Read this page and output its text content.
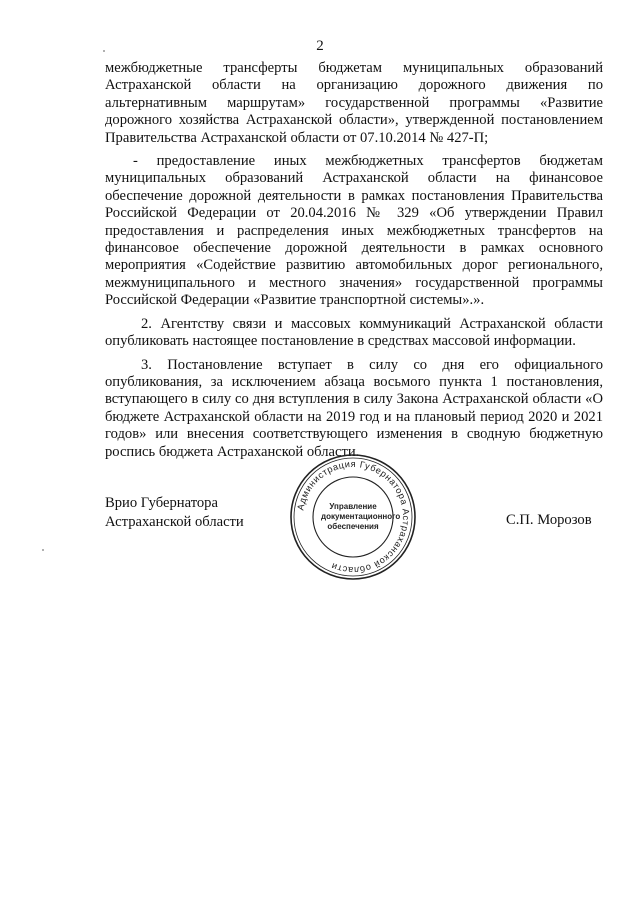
2

межбюджетные трансферты бюджетам муниципальных образований Астраханской области на организацию дорожного движения по альтернативным маршрутам» государственной программы «Развитие дорожного хозяйства Астраханской области», утвержденной постановлением Правительства Астраханской области от 07.10.2014 № 427-П;

- предоставление иных межбюджетных трансфертов бюджетам муниципальных образований Астраханской области на финансовое обеспечение дорожной деятельности в рамках постановления Правительства Российской Федерации от 20.04.2016 № 329 «Об утверждении Правил предоставления и распределения иных межбюджетных трансфертов на финансовое обеспечение дорожной деятельности в рамках основного мероприятия «Содействие развитию автомобильных дорог регионального, межмуниципального и местного значения» государственной программы Российской Федерации «Развитие транспортной системы».».

2. Агентству связи и массовых коммуникаций Астраханской области опубликовать настоящее постановление в средствах массовой информации.

3. Постановление вступает в силу со дня его официального опубликования, за исключением абзаца восьмого пункта 1 постановления, вступающего в силу со дня вступления в силу Закона Астраханской области «О бюджете Астраханской области на 2019 год и на плановый период 2020 и 2021 годов» или внесения соответствующего изменения в сводную бюджетную роспись бюджета Астраханской области.

Врио Губернатора
Астраханской области
Администрация Губернатора Астраханской области
Управление
документационного
обеспечения	С.П. Морозов
